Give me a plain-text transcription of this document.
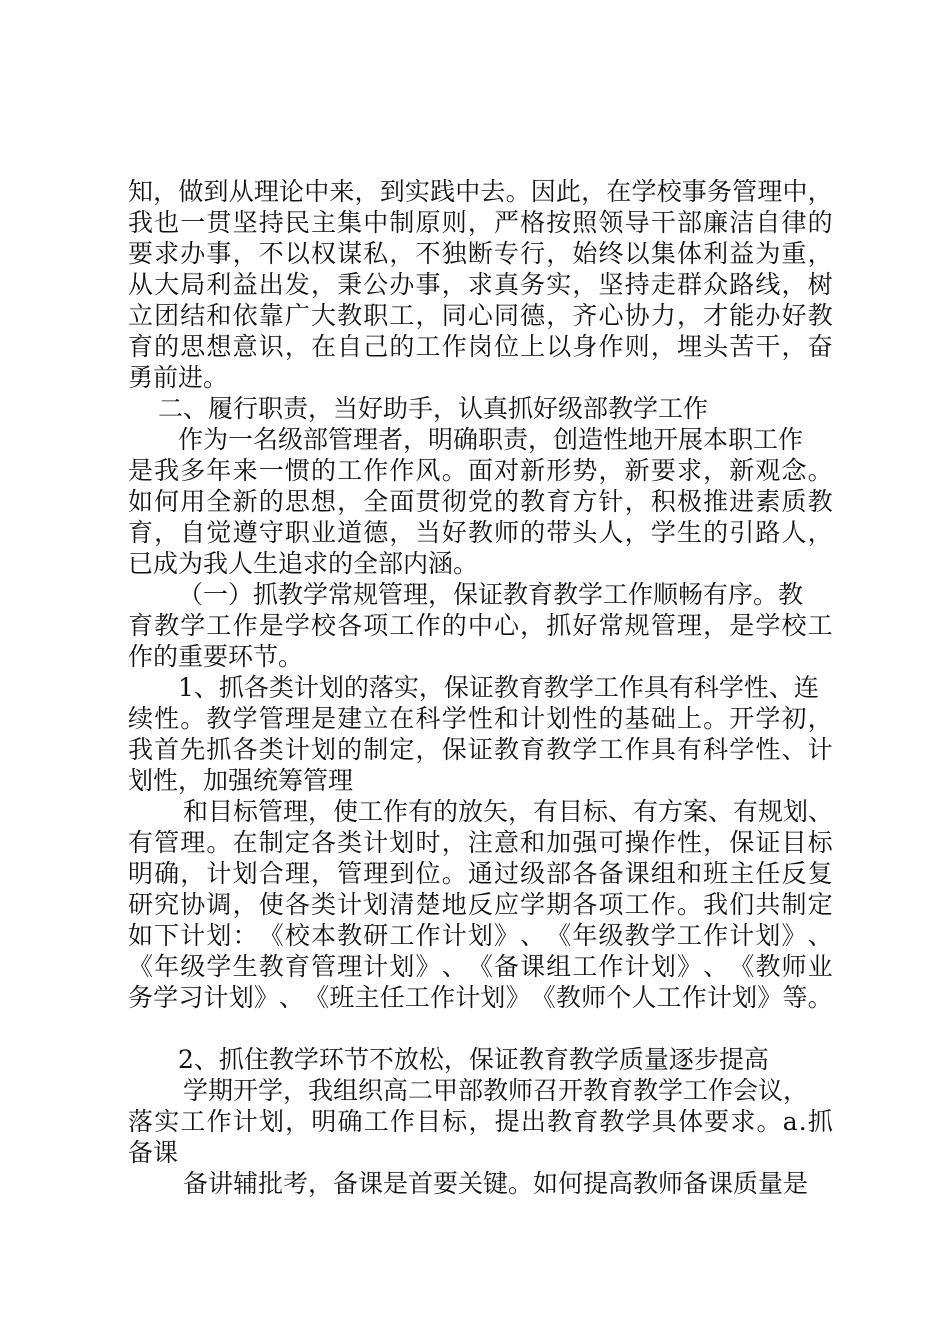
知 ， 做 到 从 理 论 中 来 ， 到 实 践 中 去 。 因 此 ， 在 学 校 事 务 管 理 中 ，
我 也 一 贯 坚 持 民 主 集 中 制 原 则 ， 严 格 按 照 领 导 干 部 廉 洁 自 律 的
要 求 办 事 ， 不 以 权 谋 私 ， 不 独 断 专 行 ， 始 终 以 集 体 利 益 为 重 ，
从 大 局 利 益 出 发 ， 秉 公 办 事 ， 求 真 务 实 ， 坚 持 走 群 众 路 线 ， 树
立 团 结 和 依 靠 广 大 教 职 工 ， 同 心 同 德 ， 齐 心 协 力 ， 才 能 办 好 教
育 的 思 想 意 识 ， 在 自 己 的 工 作 岗 位 上 以 身 作 则 ， 埋 头 苦 干 ， 奋
勇前进。
二、履行职责，当好助手，认真抓好级部教学工作
作为一名级部管理者，明确职责，创造性地开展本职工作
是 我 多 年 来 一 惯 的 工 作 作 风 。 面 对 新 形 势 ， 新 要 求 ， 新 观 念 。
如 何 用 全 新 的 思 想 ， 全 面 贯 彻 党 的 教 育 方 针 ， 积 极 推 进 素 质 教
育 ， 自 觉 遵 守 职 业 道 德 ， 当 好 教 师 的 带 头 人 ， 学 生 的 引 路 人 ，
已成为我人生追求的全部内涵。
（一）抓教学常规管理，保证教育教学工作顺畅有序。教
育 教 学 工 作 是 学 校 各 项 工 作 的 中 心 ， 抓 好 常 规 管 理 ， 是 学 校 工
作的重要环节。
1、抓各类计划的落实，保证教育教学工作具有科学性、连
续 性 。 教 学 管 理 是 建 立 在 科 学 性 和 计 划 性 的 基 础 上 。 开 学 初 ，
我 首 先 抓 各 类 计 划 的 制 定 ， 保 证 教 育 教 学 工 作 具 有 科 学 性 、 计
划性，加强统筹管理
和目标管理，使工作有的放矢，有目标、有方案、有规划、
有 管 理 。 在 制 定 各 类 计 划 时 ， 注 意 和 加 强 可 操 作 性 ， 保 证 目 标
明 确 ， 计 划 合 理 ， 管 理 到 位 。 通 过 级 部 各 备 课 组 和 班 主 任 反 复
研 究 协 调 ， 使 各 类 计 划 清 楚 地 反 应 学 期 各 项 工 作 。 我 们 共 制 定
如 下 计 划 ： 《 校 本 教 研 工 作 计 划 》 、 《 年 级 教 学 工 作 计 划 》 、
《 年 级 学 生 教 育 管 理 计 划 》 、 《 备 课 组 工 作 计 划 》 、 《 教 师 业
务 学 习 计 划 》 、 《 班 主 任 工 作 计 划 》 《 教 师 个 人 工 作 计 划 》 等 。
2、抓住教学环节不放松，保证教育教学质量逐步提高
学期开学，我组织高二甲部教师召开教育教学工作会议，
落 实 工 作 计 划 ， 明 确 工 作 目 标 ， 提 出 教 育 教 学 具 体 要 求 。 a . 抓
备课
备讲辅批考，备课是首要关键。如何提高教师备课质量是
